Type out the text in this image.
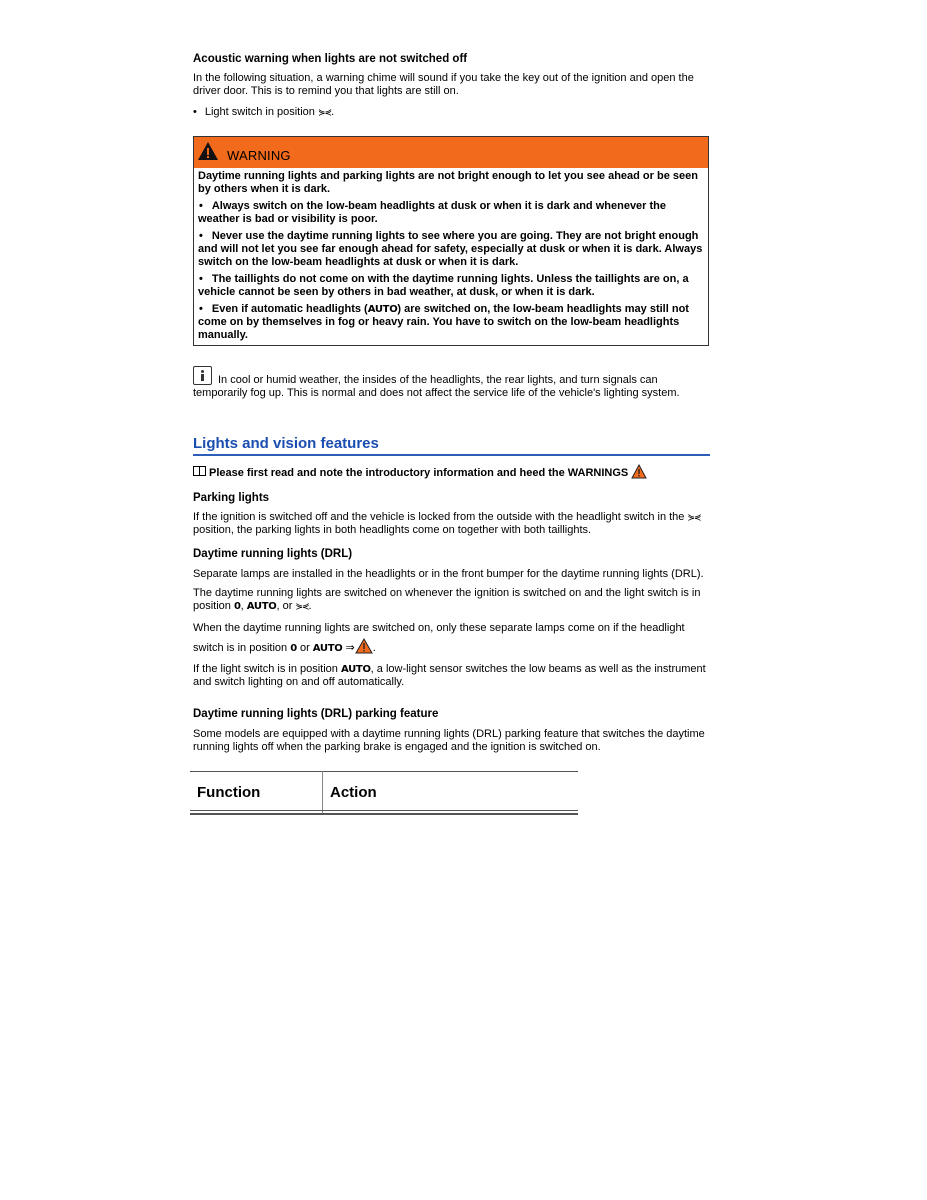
Acoustic warning when lights are not switched off

In the following situation, a warning chime will sound if you take the key out of the ignition and open the driver door. This is to remind you that lights are still on.

• Light switch in position ⋟⋞.

WARNING

Daytime running lights and parking lights are not bright enough to let you see ahead or be seen by others when it is dark.

• Always switch on the low-beam headlights at dusk or when it is dark and whenever the weather is bad or visibility is poor.

• Never use the daytime running lights to see where you are going. They are not bright enough and will not let you see far enough ahead for safety, especially at dusk or when it is dark. Always switch on the low-beam headlights at dusk or when it is dark.

• The taillights do not come on with the daytime running lights. Unless the taillights are on, a vehicle cannot be seen by others in bad weather, at dusk, or when it is dark.

• Even if automatic headlights (AUTO) are switched on, the low-beam headlights may still not come on by themselves in fog or heavy rain. You have to switch on the low-beam headlights manually.

In cool or humid weather, the insides of the headlights, the rear lights, and turn signals can temporarily fog up. This is normal and does not affect the service life of the vehicle's lighting system.

Lights and vision features

Please first read and note the introductory information and heed the WARNINGS

Parking lights

If the ignition is switched off and the vehicle is locked from the outside with the headlight switch in the ⋟⋞ position, the parking lights in both headlights come on together with both taillights.

Daytime running lights (DRL)

Separate lamps are installed in the headlights or in the front bumper for the daytime running lights (DRL).

The daytime running lights are switched on whenever the ignition is switched on and the light switch is in position 0, AUTO, or ⋟⋞.

When the daytime running lights are switched on, only these separate lamps come on if the headlight switch is in position 0 or AUTO ⇒ .

If the light switch is in position AUTO, a low-light sensor switches the low beams as well as the instrument and switch lighting on and off automatically.

Daytime running lights (DRL) parking feature

Some models are equipped with a daytime running lights (DRL) parking feature that switches the daytime running lights off when the parking brake is engaged and the ignition is switched on.

Function	Action
